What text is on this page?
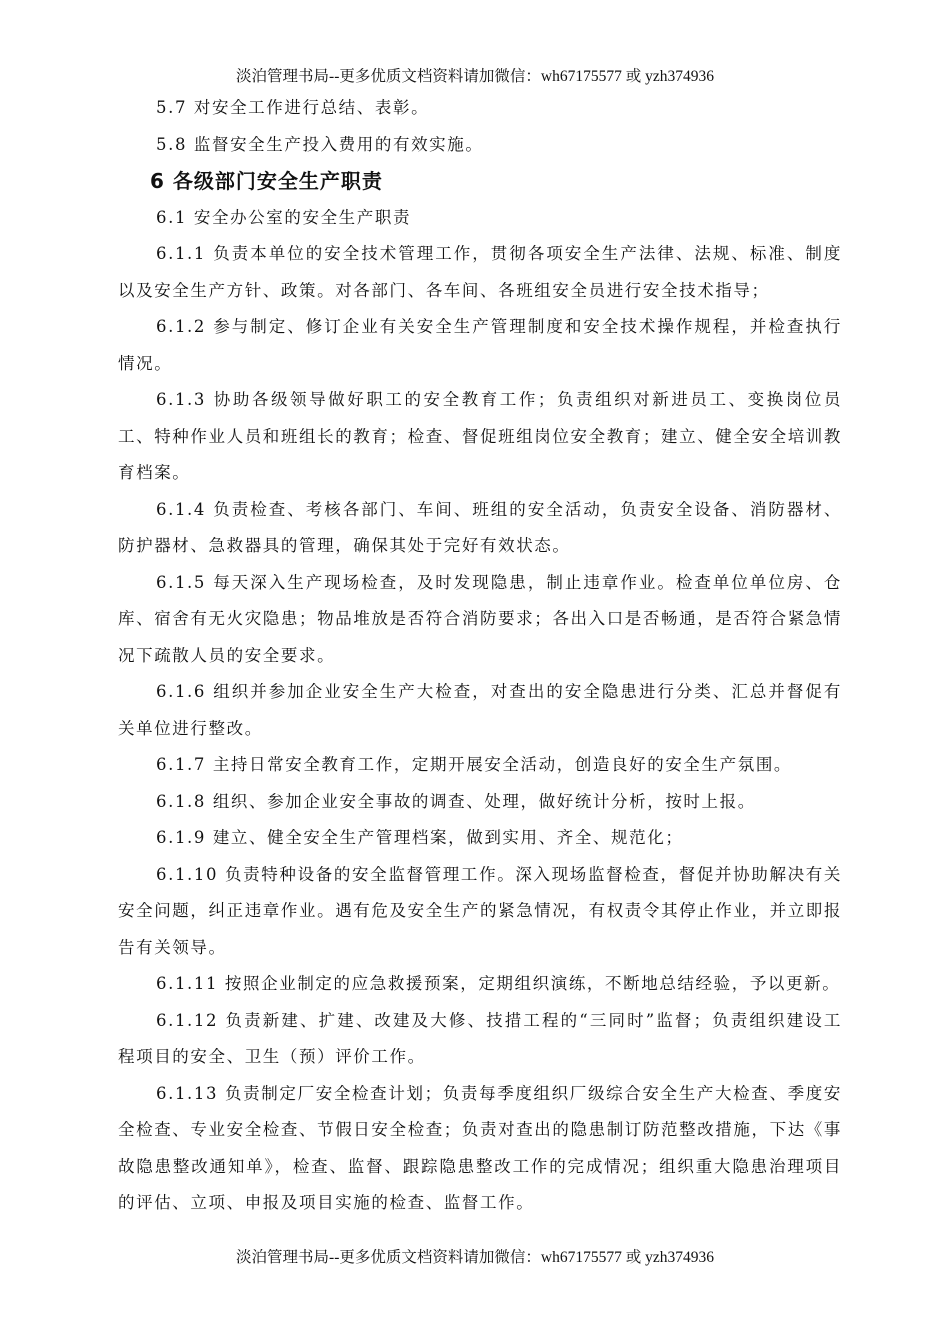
淡泊管理书局--更多优质文档资料请加微信：wh67175577 或 yzh374936

5.7 对安全工作进行总结、表彰。

5.8 监督安全生产投入费用的有效实施。

6 各级部门安全生产职责

6.1 安全办公室的安全生产职责

6.1.1 负责本单位的安全技术管理工作，贯彻各项安全生产法律、法规、标准、制度以及安全生产方针、政策。对各部门、各车间、各班组安全员进行安全技术指导；

6.1.2 参与制定、修订企业有关安全生产管理制度和安全技术操作规程，并检查执行情况。

6.1.3 协助各级领导做好职工的安全教育工作；负责组织对新进员工、变换岗位员工、特种作业人员和班组长的教育；检查、督促班组岗位安全教育；建立、健全安全培训教育档案。

6.1.4 负责检查、考核各部门、车间、班组的安全活动，负责安全设备、消防器材、防护器材、急救器具的管理，确保其处于完好有效状态。

6.1.5 每天深入生产现场检查，及时发现隐患，制止违章作业。检查单位单位房、仓库、宿舍有无火灾隐患；物品堆放是否符合消防要求；各出入口是否畅通，是否符合紧急情况下疏散人员的安全要求。

6.1.6 组织并参加企业安全生产大检查，对查出的安全隐患进行分类、汇总并督促有关单位进行整改。

6.1.7 主持日常安全教育工作，定期开展安全活动，创造良好的安全生产氛围。

6.1.8 组织、参加企业安全事故的调查、处理，做好统计分析，按时上报。

6.1.9 建立、健全安全生产管理档案，做到实用、齐全、规范化；

6.1.10 负责特种设备的安全监督管理工作。深入现场监督检查，督促并协助解决有关安全问题，纠正违章作业。遇有危及安全生产的紧急情况，有权责令其停止作业，并立即报告有关领导。

6.1.11 按照企业制定的应急救援预案，定期组织演练，不断地总结经验，予以更新。

6.1.12 负责新建、扩建、改建及大修、技措工程的“三同时”监督；负责组织建设工程项目的安全、卫生（预）评价工作。

6.1.13 负责制定厂安全检查计划；负责每季度组织厂级综合安全生产大检查、季度安全检查、专业安全检查、节假日安全检查；负责对查出的隐患制订防范整改措施，下达《事故隐患整改通知单》，检查、监督、跟踪隐患整改工作的完成情况；组织重大隐患治理项目的评估、立项、申报及项目实施的检查、监督工作。

淡泊管理书局--更多优质文档资料请加微信：wh67175577 或 yzh374936
